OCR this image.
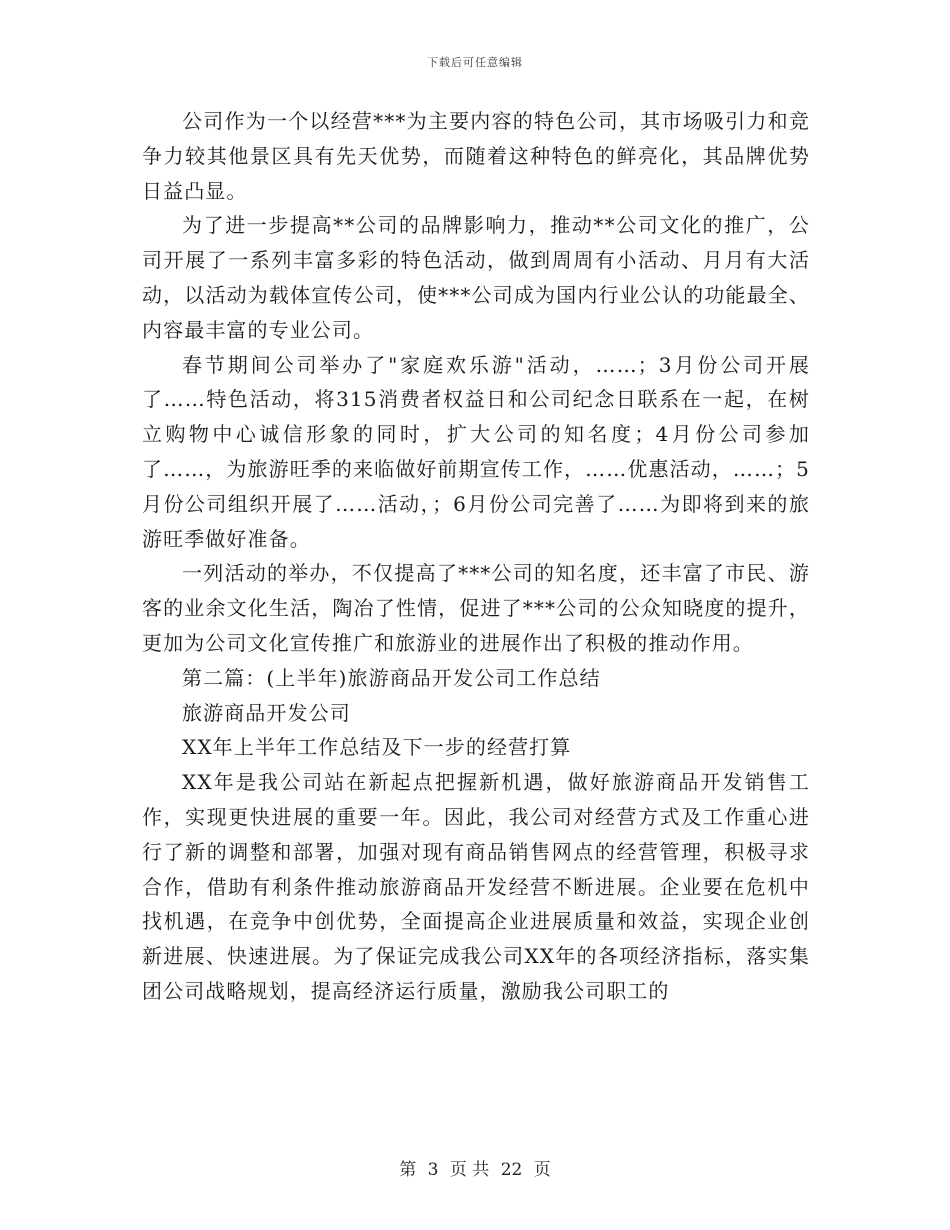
下载后可任意编辑

公司作为一个以经营***为主要内容的特色公司，其市场吸引力和竞争力较其他景区具有先天优势，而随着这种特色的鲜亮化，其品牌优势日益凸显。

为了进一步提高**公司的品牌影响力，推动**公司文化的推广，公司开展了一系列丰富多彩的特色活动，做到周周有小活动、月月有大活动，以活动为载体宣传公司，使***公司成为国内行业公认的功能最全、内容最丰富的专业公司。

春节期间公司举办了"家庭欢乐游"活动，……；3月份公司开展了……特色活动，将315消费者权益日和公司纪念日联系在一起，在树立购物中心诚信形象的同时，扩大公司的知名度；4月份公司参加了……，为旅游旺季的来临做好前期宣传工作，……优惠活动，……；5月份公司组织开展了……活动，；6月份公司完善了……为即将到来的旅游旺季做好准备。

一列活动的举办，不仅提高了***公司的知名度，还丰富了市民、游客的业余文化生活，陶冶了性情，促进了***公司的公众知晓度的提升，更加为公司文化宣传推广和旅游业的进展作出了积极的推动作用。

第二篇：(上半年)旅游商品开发公司工作总结

旅游商品开发公司

XX年上半年工作总结及下一步的经营打算

XX年是我公司站在新起点把握新机遇，做好旅游商品开发销售工作，实现更快进展的重要一年。因此，我公司对经营方式及工作重心进行了新的调整和部署，加强对现有商品销售网点的经营管理，积极寻求合作，借助有利条件推动旅游商品开发经营不断进展。企业要在危机中找机遇，在竞争中创优势，全面提高企业进展质量和效益，实现企业创新进展、快速进展。为了保证完成我公司XX年的各项经济指标，落实集团公司战略规划，提高经济运行质量，激励我公司职工的

第 3 页 共 22 页
